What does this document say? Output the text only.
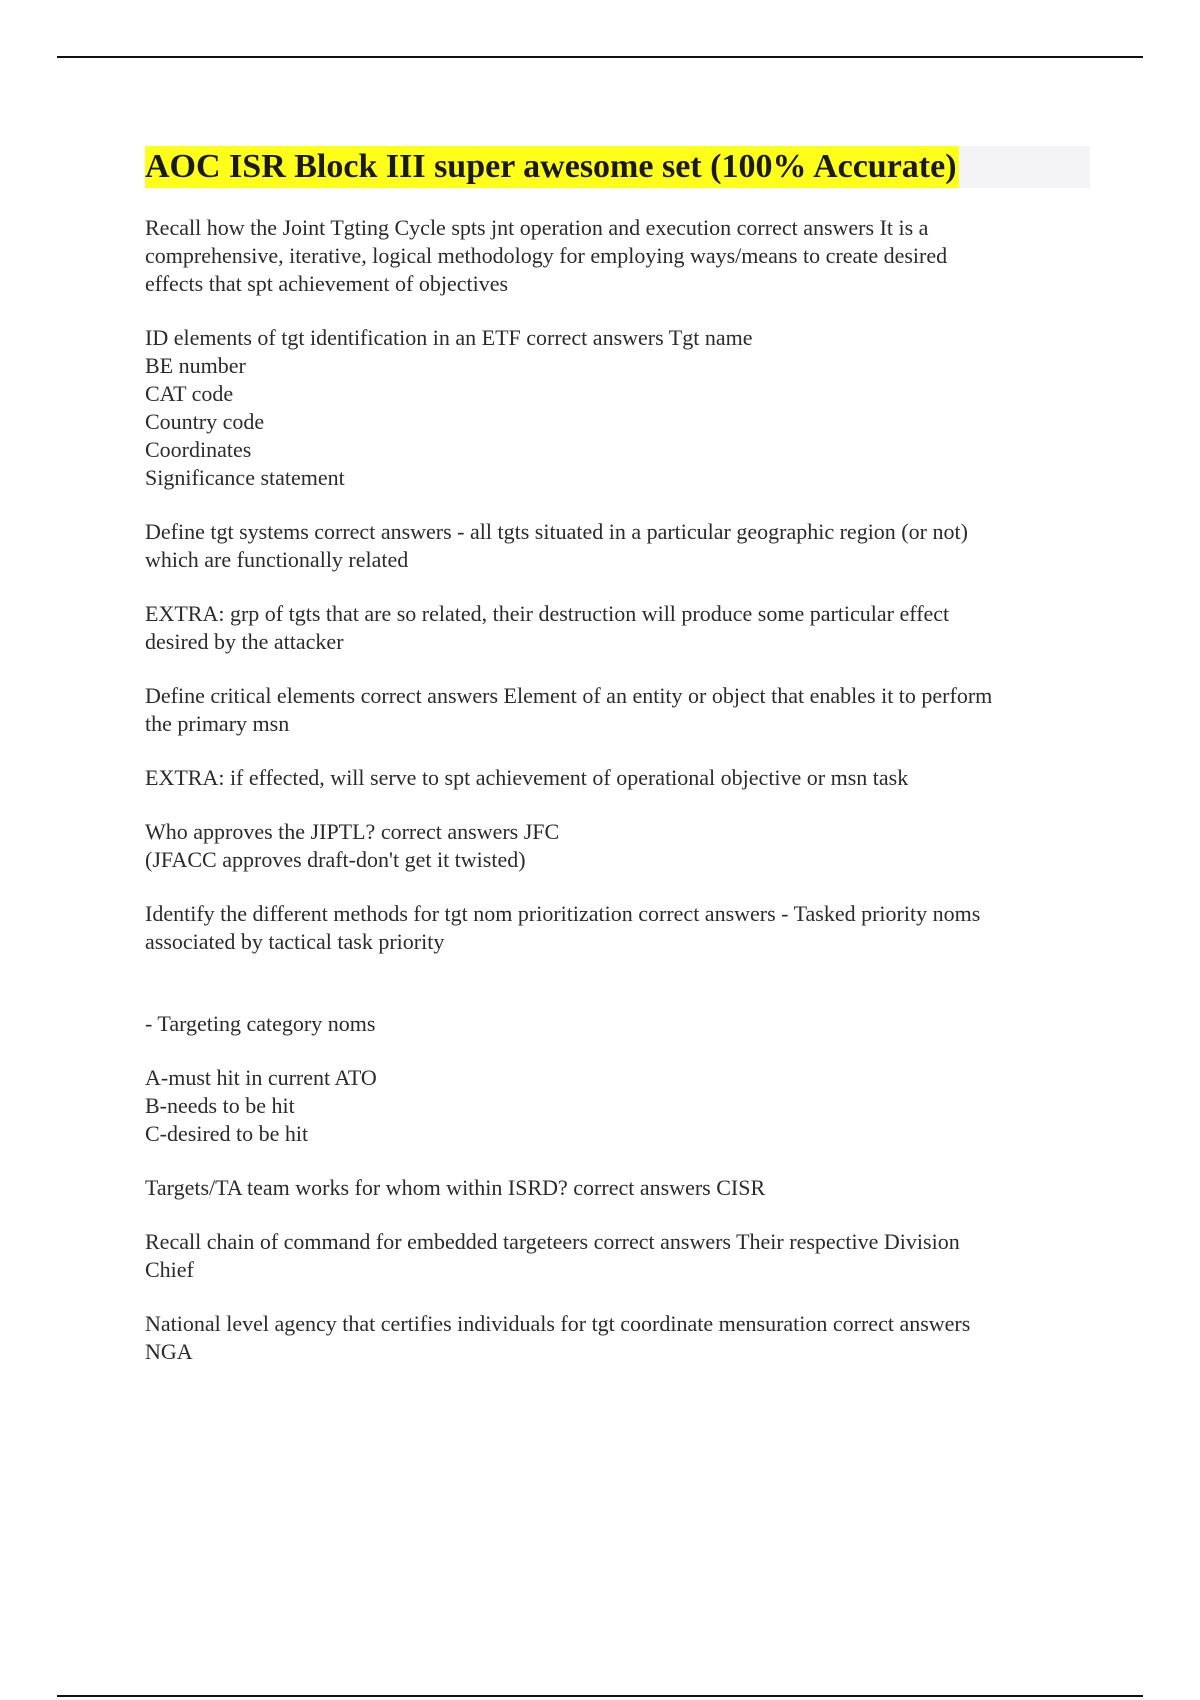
AOC ISR Block III super awesome set (100% Accurate)
Recall how the Joint Tgting Cycle spts jnt operation and execution correct answers It is a
comprehensive, iterative, logical methodology for employing ways/means to create desired
effects that spt achievement of objectives
ID elements of tgt identification in an ETF correct answers Tgt name
BE number
CAT code
Country code
Coordinates
Significance statement
Define tgt systems correct answers - all tgts situated in a particular geographic region (or not)
which are functionally related
EXTRA: grp of tgts that are so related, their destruction will produce some particular effect
desired by the attacker
Define critical elements correct answers Element of an entity or object that enables it to perform
the primary msn
EXTRA: if effected, will serve to spt achievement of operational objective or msn task
Who approves the JIPTL? correct answers JFC
(JFACC approves draft-don't get it twisted)
Identify the different methods for tgt nom prioritization correct answers - Tasked priority noms
associated by tactical task priority
- Targeting category noms
A-must hit in current ATO
B-needs to be hit
C-desired to be hit
Targets/TA team works for whom within ISRD? correct answers CISR
Recall chain of command for embedded targeteers correct answers Their respective Division
Chief
National level agency that certifies individuals for tgt coordinate mensuration correct answers
NGA
